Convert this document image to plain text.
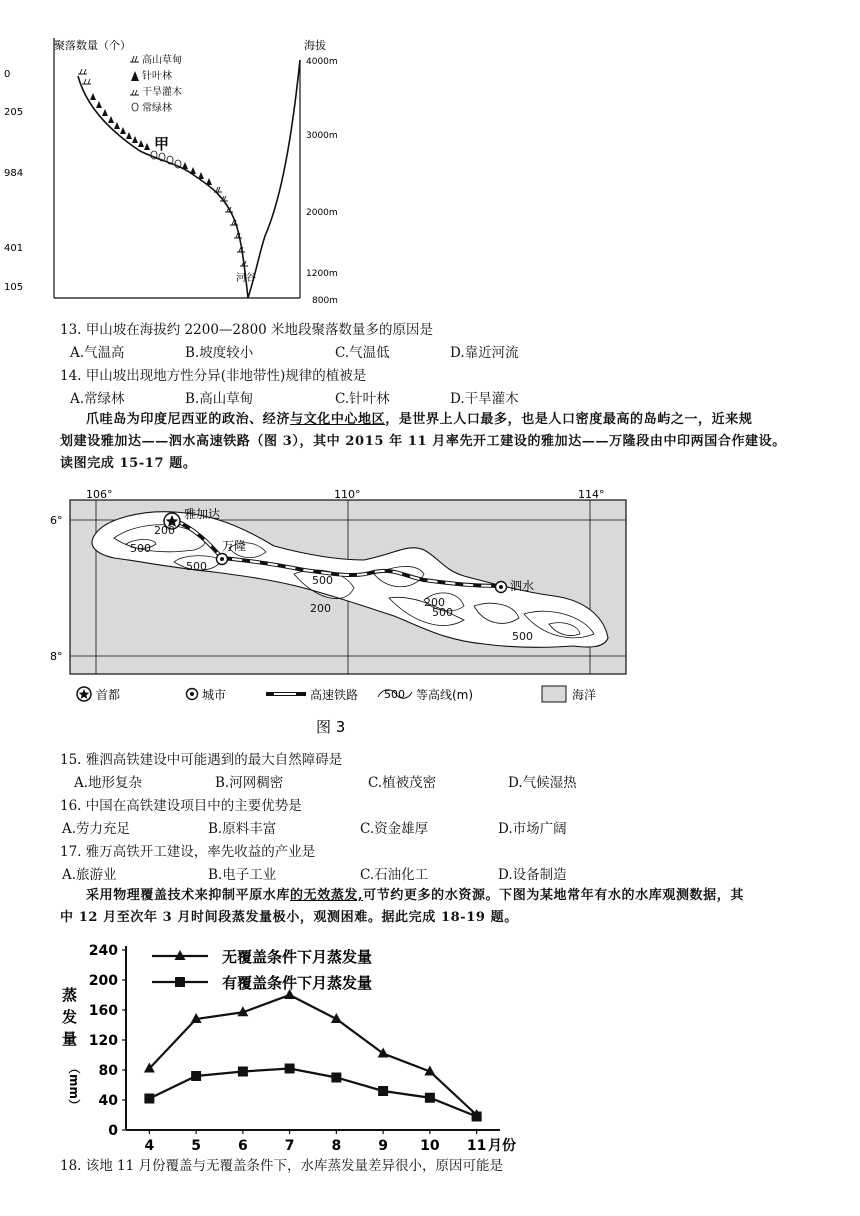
聚落数量（个）
0
205
984
401
105
海拔
4000m
3000m
2000m
1200m
800m
高山草甸
针叶林
干旱灌木
常绿林
甲
河谷
13. 甲山坡在海拔约 2200—2800 米地段聚落数量多的原因是
A.气温高	B.坡度较小	C.气温低	D.靠近河流
14. 甲山坡出现地方性分异(非地带性)规律的植被是
A.常绿林	B.高山草甸	C.针叶林	D.干旱灌木
爪哇岛为印度尼西亚的政治、经济与文化中心地区，是世界上人口最多，也是人口密度最高的岛屿之一，近来规
划建设雅加达——泗水高速铁路（图 3），其中 2015 年 11 月率先开工建设的雅加达——万隆段由中印两国合作建设。
读图完成 15-17 题。
106°	110°	114°
6°
8°
雅加达
万隆
泗水
200
500
500
500
200	200
500
500
首都	城市	高速铁路 500 等高线(m)	海洋
图 3
15. 雅泗高铁建设中可能遇到的最大自然障碍是
A.地形复杂	B.河网稠密	C.植被茂密	D.气候湿热
16. 中国在高铁建设项目中的主要优势是
A.劳力充足	B.原料丰富	C.资金雄厚	D.市场广阔
17. 雅万高铁开工建设，率先收益的产业是
A.旅游业	B.电子工业	C.石油化工	D.设备制造
采用物理覆盖技术来抑制平原水库的无效蒸发,可节约更多的水资源。下图为某地常年有水的水库观测数据，其
中 12 月至次年 3 月时间段蒸发量极小，观测困难。据此完成 18-19 题。
0
40
80
120
160
200
240
4	5	6	7	8	9 10 11 月份
蒸
发
量
（mm）
无覆盖条件下月蒸发量
有覆盖条件下月蒸发量
18. 该地 11 月份覆盖与无覆盖条件下，水库蒸发量差异很小，原因可能是
